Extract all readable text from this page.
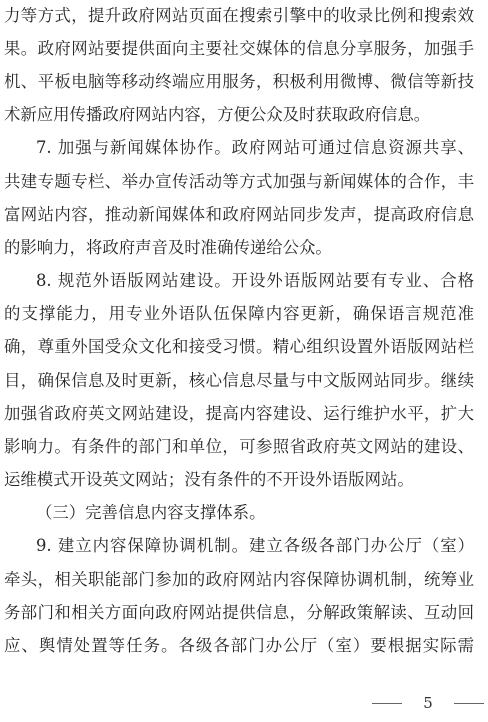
力等方式，提升政府网站页面在搜索引擎中的收录比例和搜索效
果。政府网站要提供面向主要社交媒体的信息分享服务，加强手
机、平板电脑等移动终端应用服务，积极利用微博、微信等新技
术新应用传播政府网站内容，方便公众及时获取政府信息。
7. 加强与新闻媒体协作。政府网站可通过信息资源共享、
共建专题专栏、举办宣传活动等方式加强与新闻媒体的合作，丰
富网站内容，推动新闻媒体和政府网站同步发声，提高政府信息
的影响力，将政府声音及时准确传递给公众。
8. 规范外语版网站建设。开设外语版网站要有专业、合格
的支撑能力，用专业外语队伍保障内容更新，确保语言规范准
确，尊重外国受众文化和接受习惯。精心组织设置外语版网站栏
目，确保信息及时更新，核心信息尽量与中文版网站同步。继续
加强省政府英文网站建设，提高内容建设、运行维护水平，扩大
影响力。有条件的部门和单位，可参照省政府英文网站的建设、
运维模式开设英文网站；没有条件的不开设外语版网站。
（三）完善信息内容支撑体系。
9. 建立内容保障协调机制。建立各级各部门办公厅（室）
牵头，相关职能部门参加的政府网站内容保障协调机制，统筹业
务部门和相关方面向政府网站提供信息，分解政策解读、互动回
应、舆情处置等任务。各级各部门办公厅（室）要根据实际需
5
